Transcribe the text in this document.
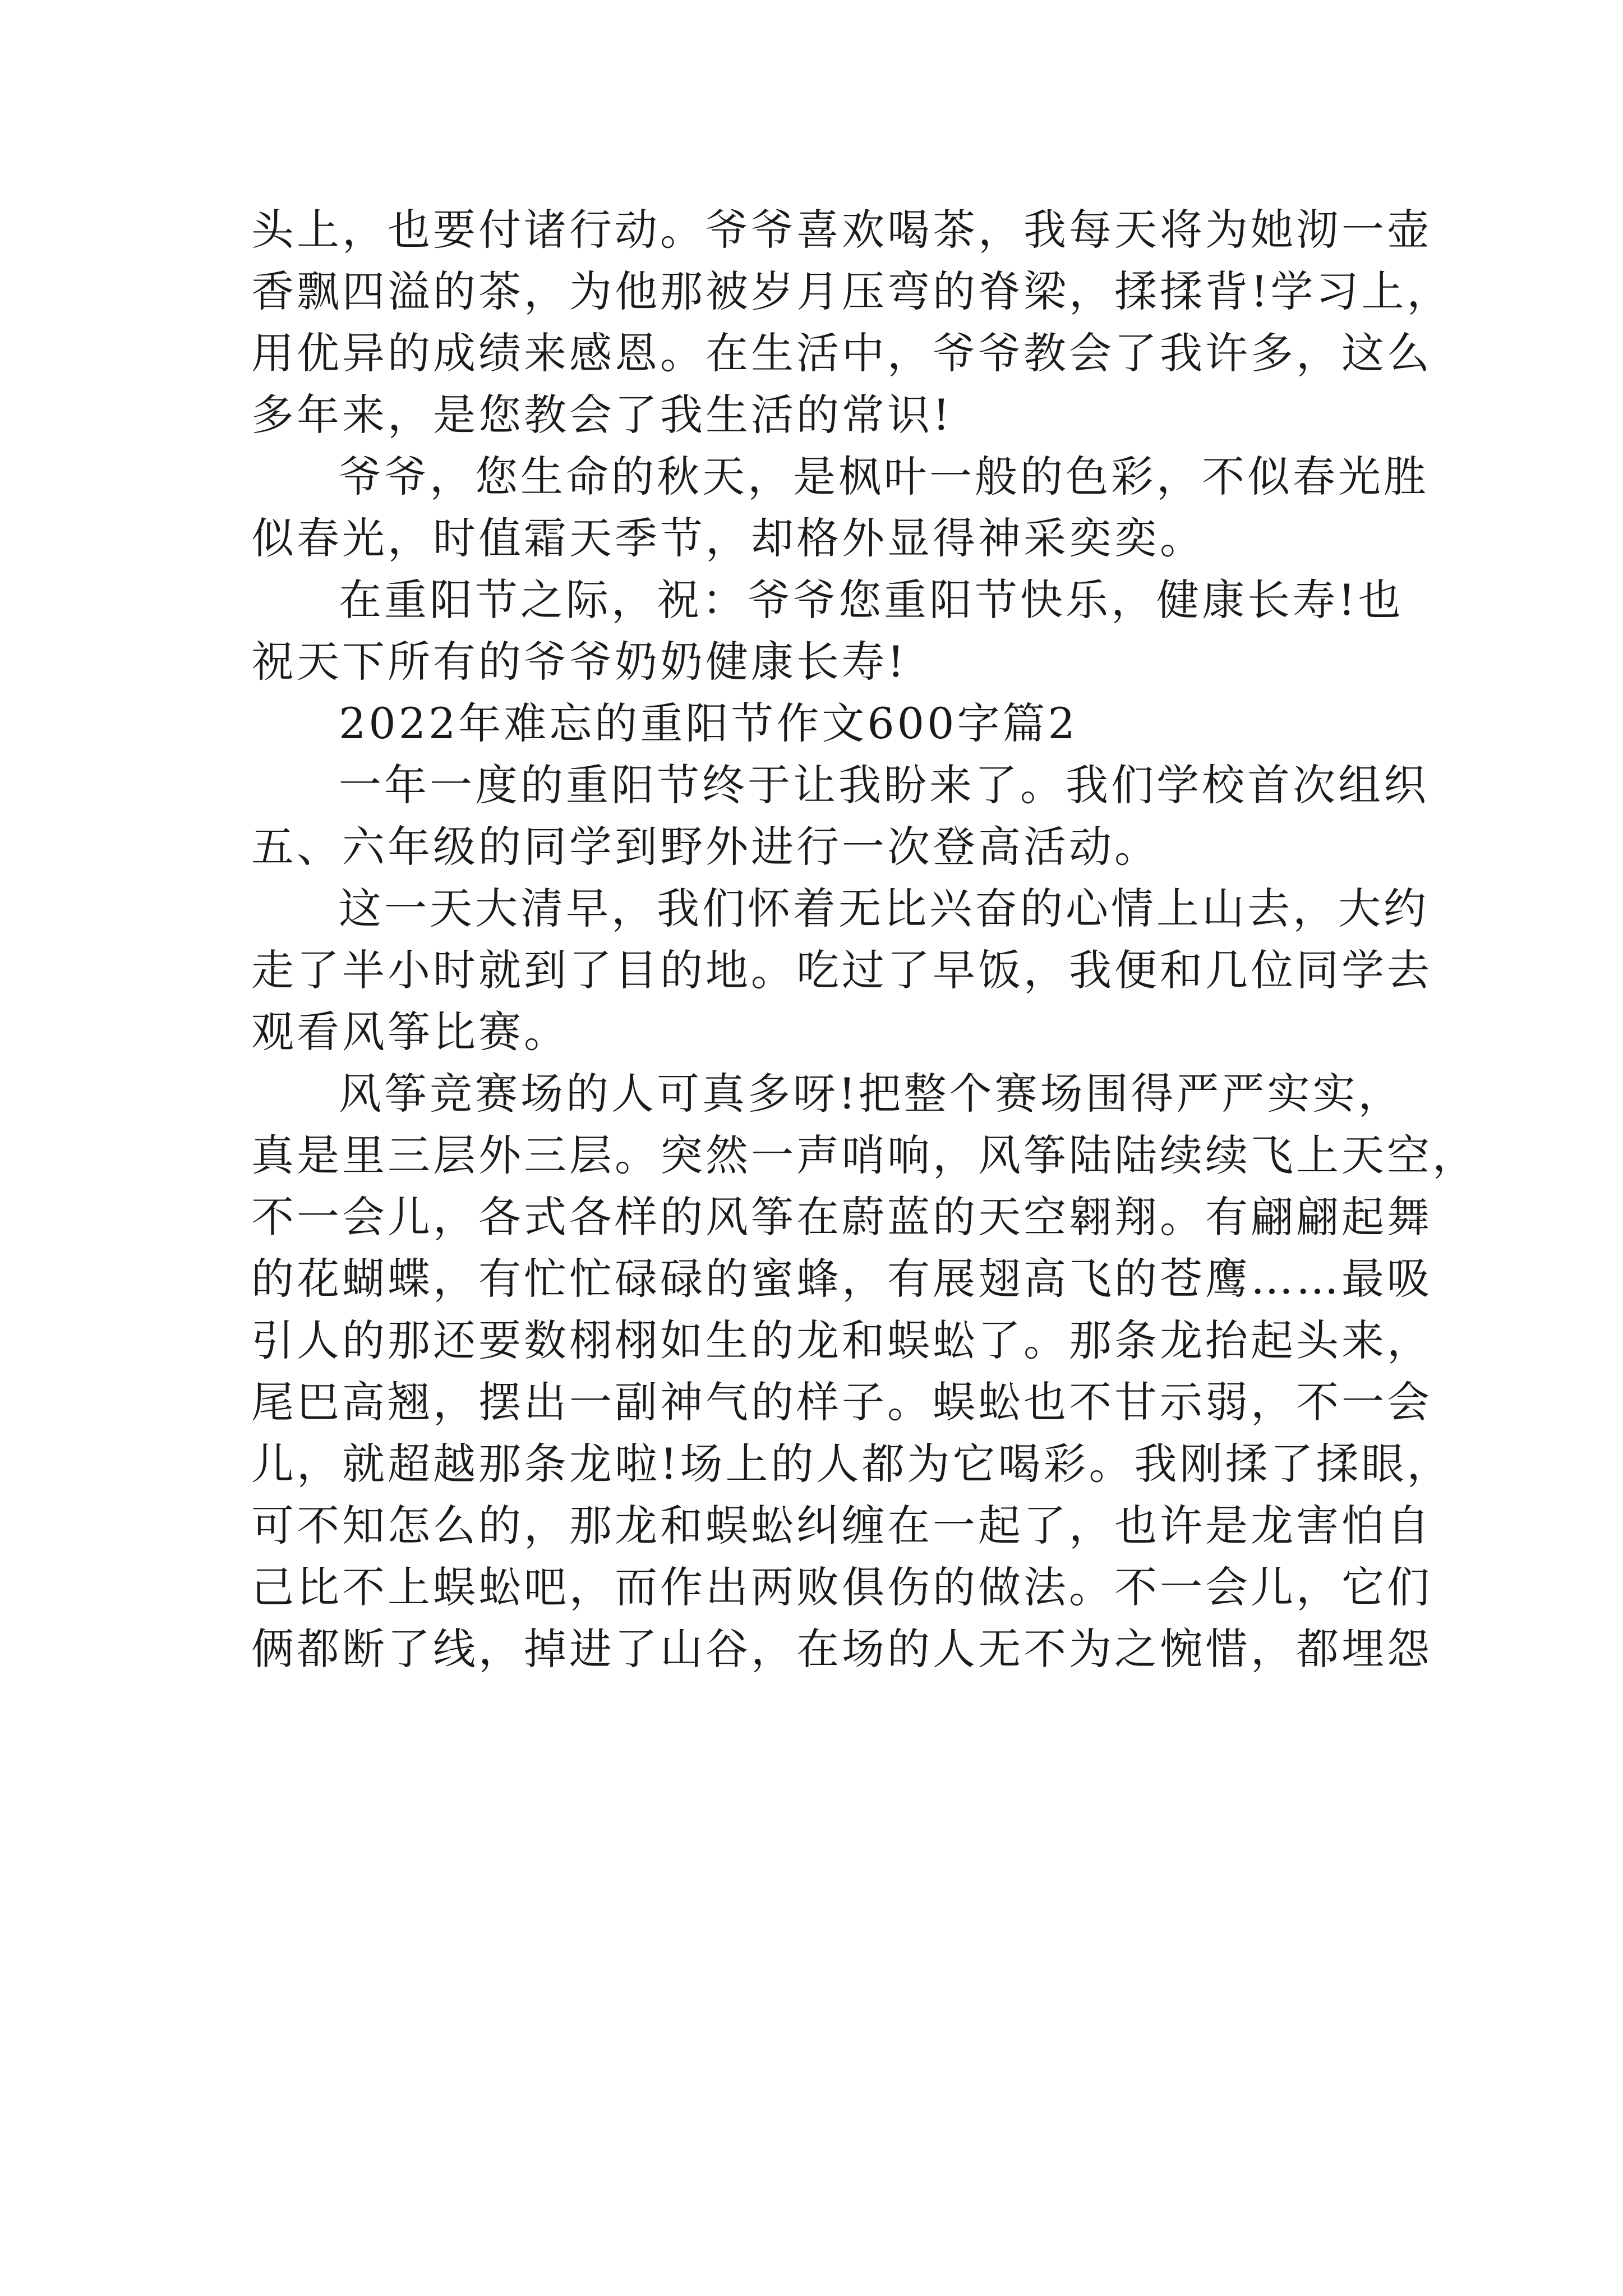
头上，也要付诸行动。爷爷喜欢喝茶，我每天将为她沏一壶
香飘四溢的茶，为他那被岁月压弯的脊梁，揉揉背!学习上，
用优异的成绩来感恩。在生活中，爷爷教会了我许多，这么
多年来，是您教会了我生活的常识!
爷爷，您生命的秋天，是枫叶一般的色彩，不似春光胜
似春光，时值霜天季节，却格外显得神采奕奕。
在重阳节之际，祝：爷爷您重阳节快乐，健康长寿!也
祝天下所有的爷爷奶奶健康长寿!
2022年难忘的重阳节作文600字篇2
一年一度的重阳节终于让我盼来了。我们学校首次组织
五、六年级的同学到野外进行一次登高活动。
这一天大清早，我们怀着无比兴奋的心情上山去，大约
走了半小时就到了目的地。吃过了早饭，我便和几位同学去
观看风筝比赛。
风筝竞赛场的人可真多呀!把整个赛场围得严严实实，
真是里三层外三层。突然一声哨响，风筝陆陆续续飞上天空，
不一会儿，各式各样的风筝在蔚蓝的天空翱翔。有翩翩起舞
的花蝴蝶，有忙忙碌碌的蜜蜂，有展翅高飞的苍鹰……最吸
引人的那还要数栩栩如生的龙和蜈蚣了。那条龙抬起头来，
尾巴高翘，摆出一副神气的样子。蜈蚣也不甘示弱，不一会
儿，就超越那条龙啦!场上的人都为它喝彩。我刚揉了揉眼，
可不知怎么的，那龙和蜈蚣纠缠在一起了，也许是龙害怕自
己比不上蜈蚣吧，而作出两败俱伤的做法。不一会儿，它们
俩都断了线，掉进了山谷，在场的人无不为之惋惜，都埋怨
